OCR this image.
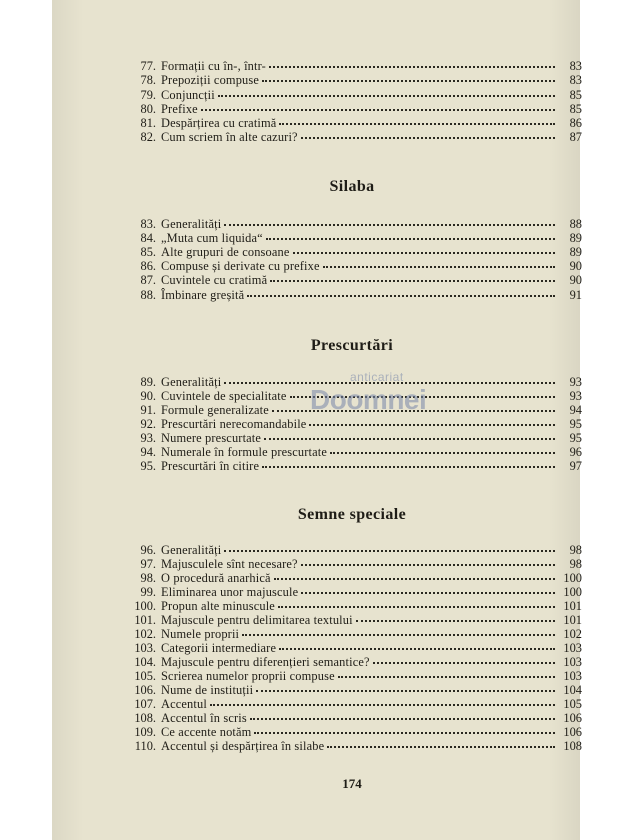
77. Formații cu în-, într-	83
78. Prepoziții compuse	83
79. Conjuncții	85
80. Prefixe	85
81. Despărțirea cu cratimă	86
82. Cum scriem în alte cazuri?	87
Silaba
83. Generalități	88
84. „Muta cum liquida“	89
85. Alte grupuri de consoane	89
86. Compuse și derivate cu prefixe	90
87. Cuvintele cu cratimă	90
88. Îmbinare greșită	91
Prescurtări
89. Generalități	93
90. Cuvintele de specialitate	93
91. Formule generalizate	94
92. Prescurtări nerecomandabile	95
93. Numere prescurtate	95
94. Numerale în formule prescurtate	96
95. Prescurtări în citire	97
Semne speciale
96. Generalități	98
97. Majusculele sînt necesare?	98
98. O procedură anarhică	100
99. Eliminarea unor majuscule	100
100. Propun alte minuscule	101
101. Majuscule pentru delimitarea textului	101
102. Numele proprii	102
103. Categorii intermediare	103
104. Majuscule pentru diferențieri semantice?	103
105. Scrierea numelor proprii compuse	103
106. Nume de instituții	104
107. Accentul	105
108. Accentul în scris	106
109. Ce accente notăm	106
110. Accentul și despărțirea în silabe	108
174
anticariat
Doomnei
